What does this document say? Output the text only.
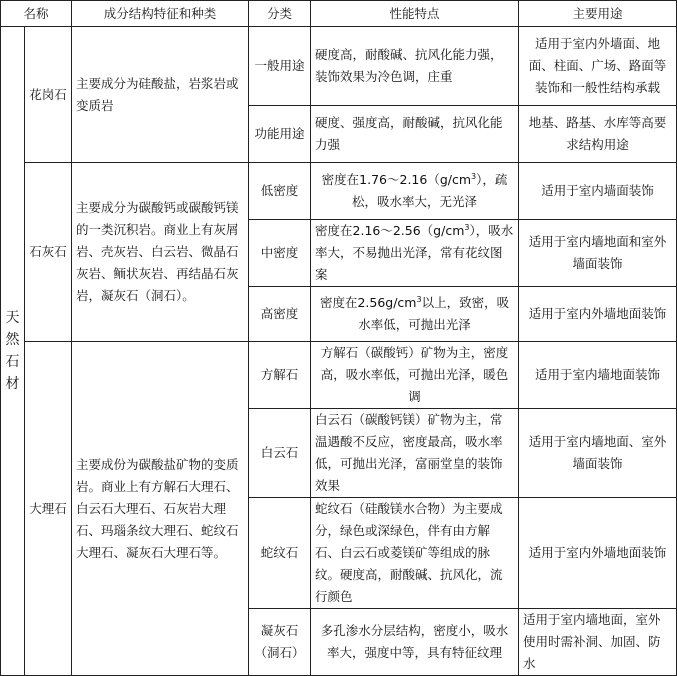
名称		成分结构特征和种类	分类	性能特点	主要用途

天然石材	花岗石	主要成分为硅酸盐，岩浆岩或变质岩	一般用途	硬度高，耐酸碱、抗风化能力强，装饰效果为冷色调，庄重	适用于室内外墙面、地面、柱面、广场、路面等装饰和一般性结构承载
			功能用途	硬度、强度高，耐酸碱，抗风化能力强	地基、路基、水库等高要求结构用途
	石灰石	主要成分为碳酸钙或碳酸钙镁的一类沉积岩。商业上有灰屑岩、壳灰岩、白云岩、微晶石灰岩、鲕状灰岩、再结晶石灰岩，凝灰石（洞石）。	低密度	密度在$1.76\sim 2.16(g/cm^3)$，疏松，吸水率大，无光泽	适用于室内墙面装饰
			中密度	密度在$2.16\sim 2.56(g/cm^3)$，吸水率大，不易抛出光泽，常有花纹图案	适用于室内墙地面和室外墙面装饰
			高密度	密度在$2.56g/cm^3$以上，致密，吸水率低，可抛出光泽	适用于室内外墙地面装饰
	大理石	主要成份为碳酸盐矿物的变质岩。商业上有方解石大理石、白云石大理石、石灰岩大理石、玛瑙条纹大理石、蛇纹石大理石、凝灰石大理石等。	方解石	方解石（碳酸钙）矿物为主，密度高，吸水率低，可抛出光泽，暖色调	适用于室内墙地面装饰
			白云石	白云石（碳酸钙镁）矿物为主，常温遇酸不反应，密度最高，吸水率低，可抛出光泽，富丽堂皇的装饰效果	适用于室内墙地面、室外墙面装饰
			蛇纹石	蛇纹石（硅酸镁水合物）为主要成分，绿色或深绿色，伴有由方解石、白云石或菱镁矿等组成的脉纹。硬度高，耐酸碱、抗风化，流行颜色	适用于室内外墙地面装饰
			凝灰石（洞石）	多孔渗水分层结构，密度小，吸水率大，强度中等，具有特征纹理	适用于室内墙地面，室外使用时需补洞、加固、防水
